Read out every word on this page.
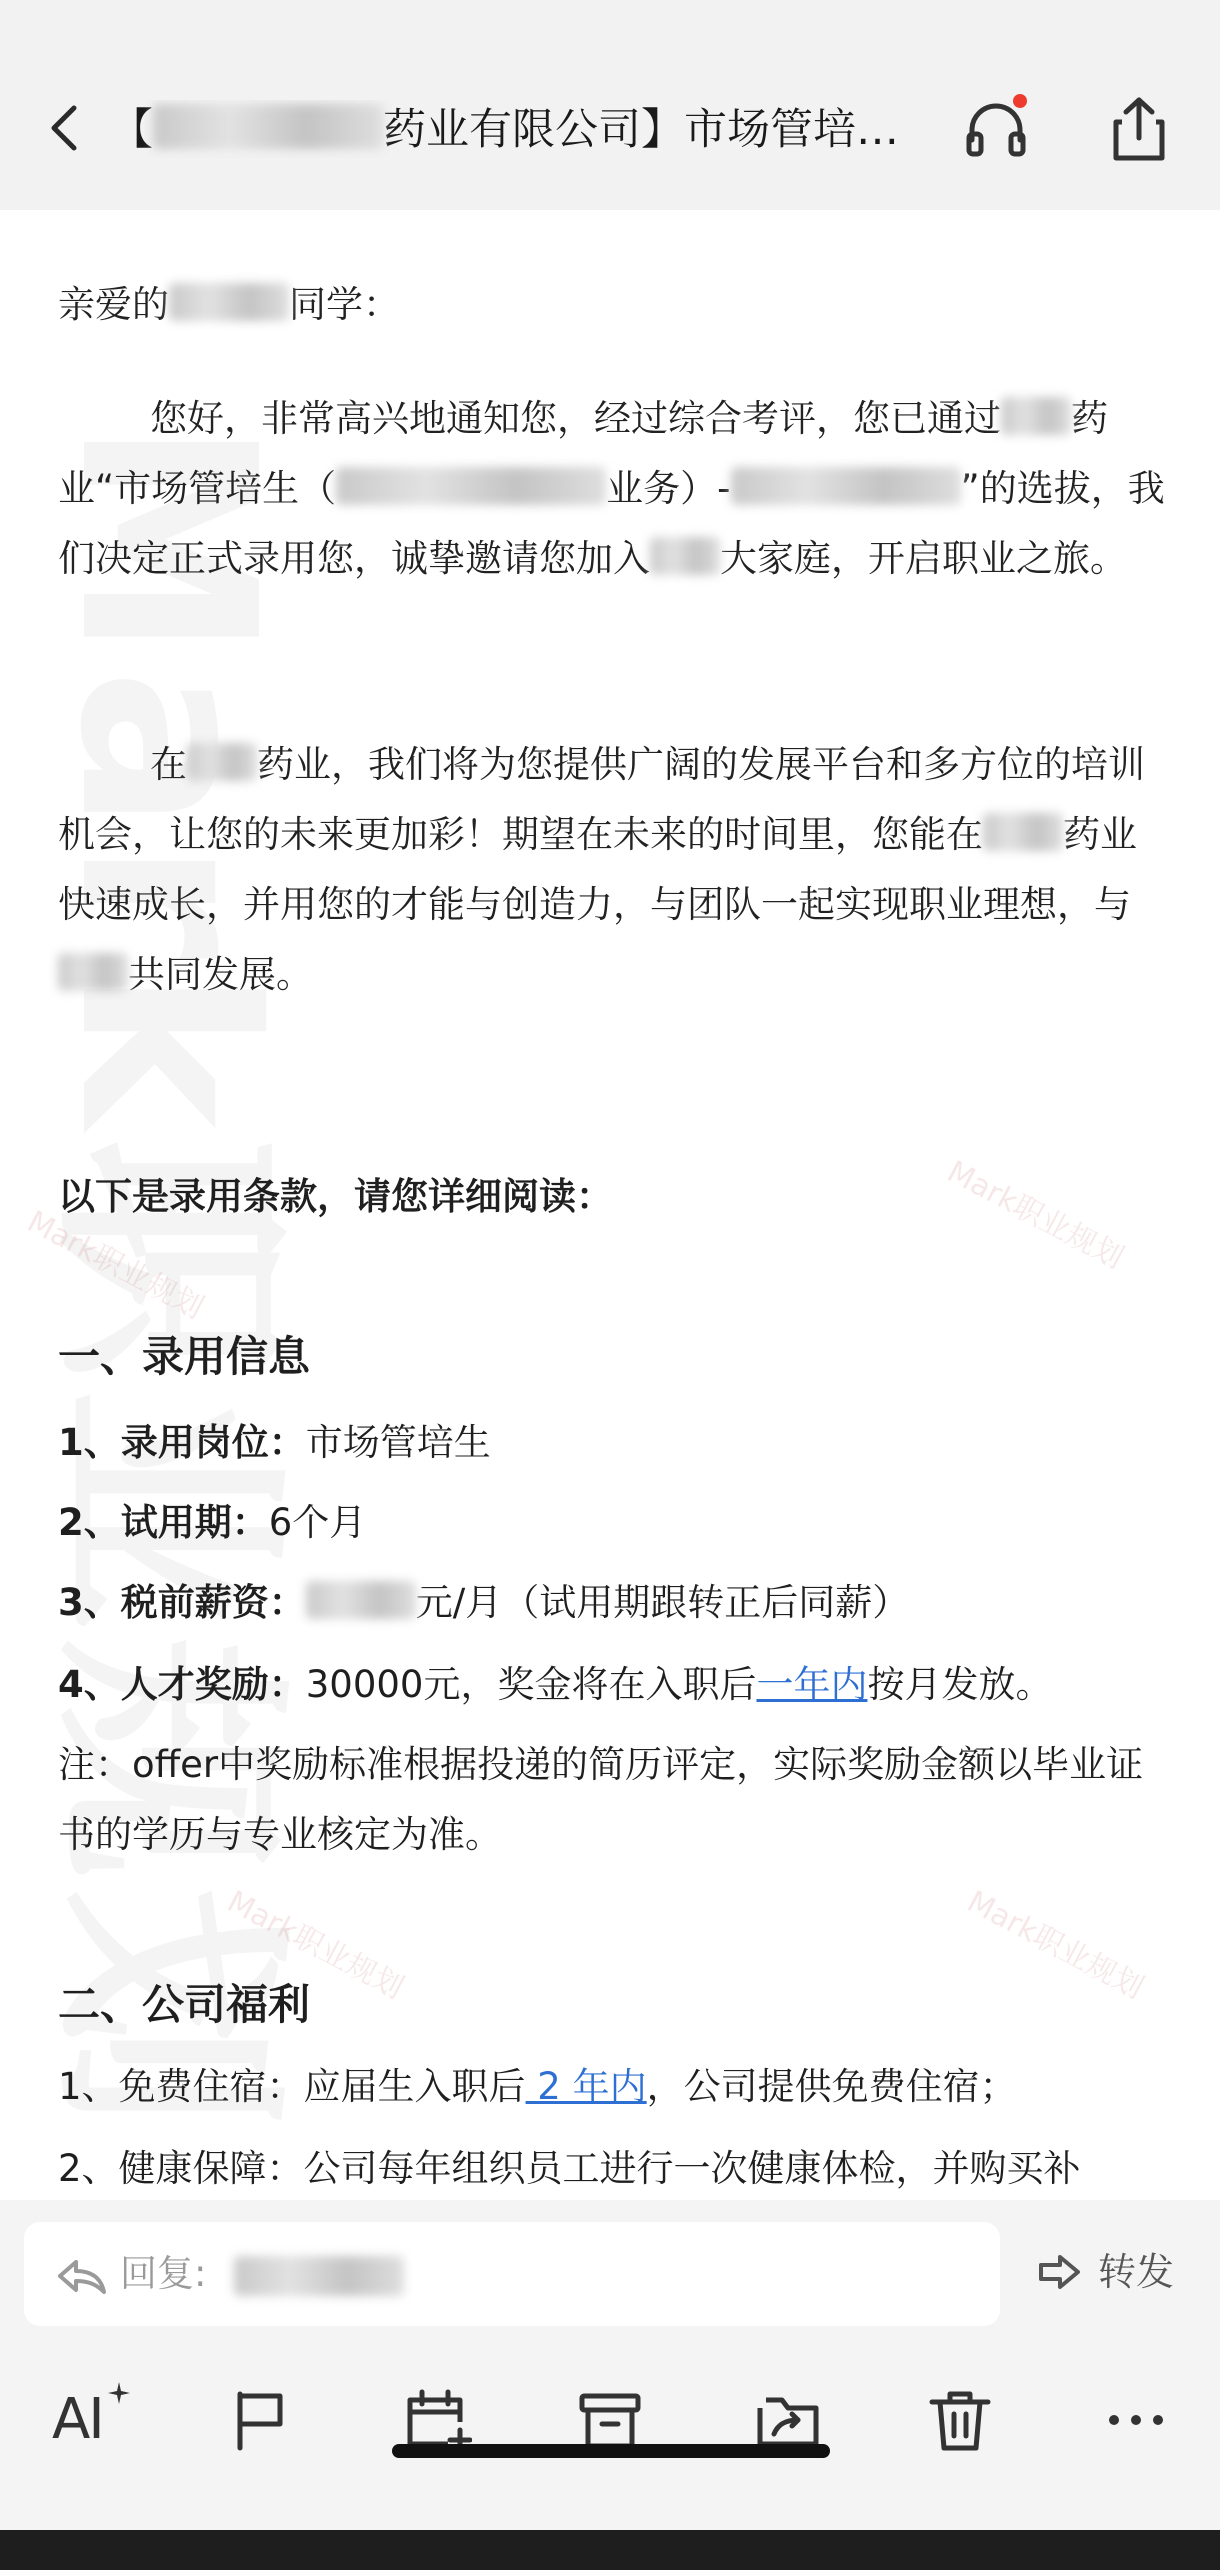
【	药业有限公司】市场管培…
Mark职业规划
Mark职业规划	Mark职业规划
Mark职业规划
亲爱的	同学：
您好，非常高兴地通知您，经过综合考评，您已通过 药业“市场管培生（	业务）-	”的选拔，我们决定正式录用您，诚挚邀请您加入 大家庭，开启职业之旅。
在 药业，我们将为您提供广阔的发展平台和多方位的培训机会，让您的未来更加彩！期望在未来的时间里，您能在 药业快速成长，并用您的才能与创造力，与团队一起实现职业理想，与共同发展。
以下是录用条款，请您详细阅读：
一、录用信息
1、录用岗位：市场管培生
2、试用期：6个月
3、税前薪资：	元/月（试用期跟转正后同薪）
4、人才奖励：30000元，奖金将在入职后一年内按月发放。
注：offer中奖励标准根据投递的简历评定，实际奖励金额以毕业证书的学历与专业核定为准。
二、公司福利
1、免费住宿：应届生入职后 2 年内，公司提供免费住宿；
2、健康保障：公司每年组织员工进行一次健康体检，并购买补
回复:	转发
AI
